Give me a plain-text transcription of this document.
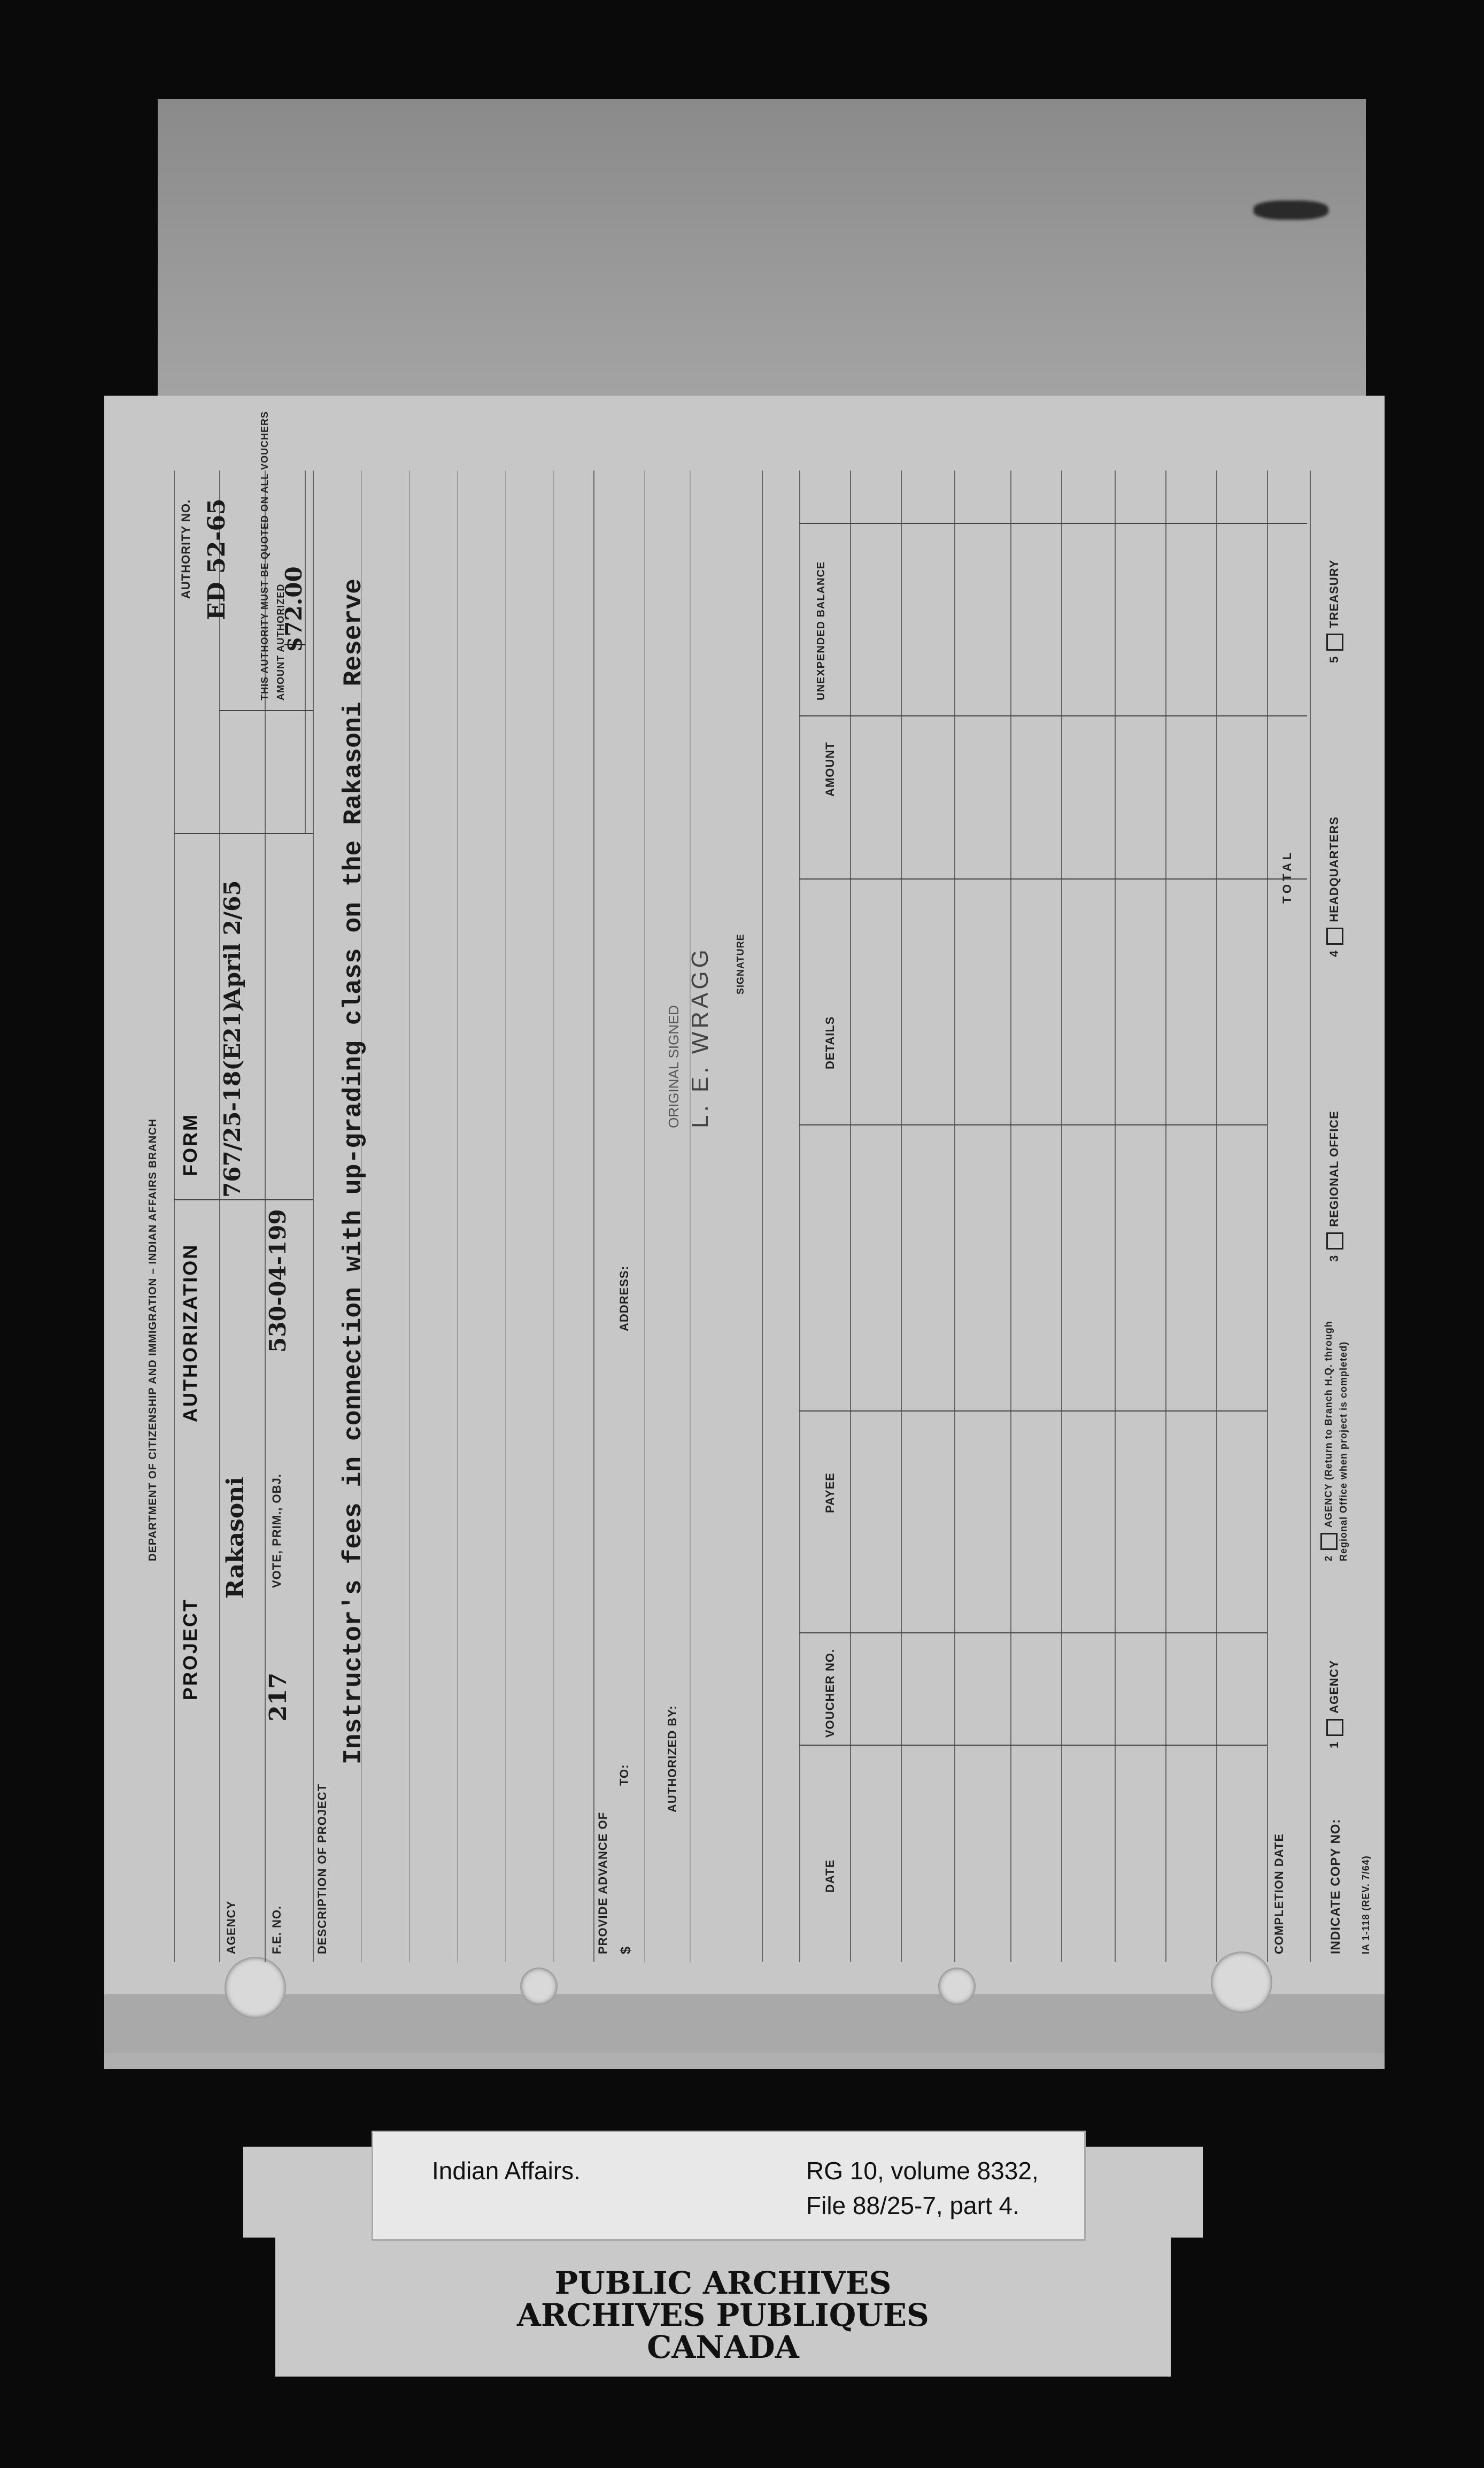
DEPARTMENT OF CITIZENSHIP AND IMMIGRATION – INDIAN AFFAIRS BRANCH
PROJECT
AUTHORIZATION
FORM
AUTHORITY NO. ED 52-65	THIS AUTHORITY MUST BE QUOTED ON ALL VOUCHERS AMOUNT AUTHORIZED
$72.00
AGENCY
Rakasoni
767/25-18(E21)
April 2/65
F.E. NO.
217
VOTE, PRIM., OBJ.
530-04-199
DESCRIPTION OF PROJECT
Instructor's fees in connection with up-grading class on the Rakasoni Reserve
PROVIDE ADVANCE OF $
TO:
ADDRESS:
AUTHORIZED BY:
ORIGINAL SIGNED L. E. WRAGG SIGNATURE
DATE
VOUCHER NO.
PAYEE
DETAILS
AMOUNT
UNEXPENDED BALANCE
COMPLETION DATE
TOTAL
INDICATE COPY NO:
1AGENCY
2AGENCY (Return to Branch H.Q. through Regional Office when project is completed)
3REGIONAL OFFICE
4HEADQUARTERS
5TREASURY
IA 1-118 (REV. 7/64)
Indian Affairs.	RG 10, volume 8332,
File 88/25-7, part 4.
PUBLIC ARCHIVES
ARCHIVES PUBLIQUES
CANADA
